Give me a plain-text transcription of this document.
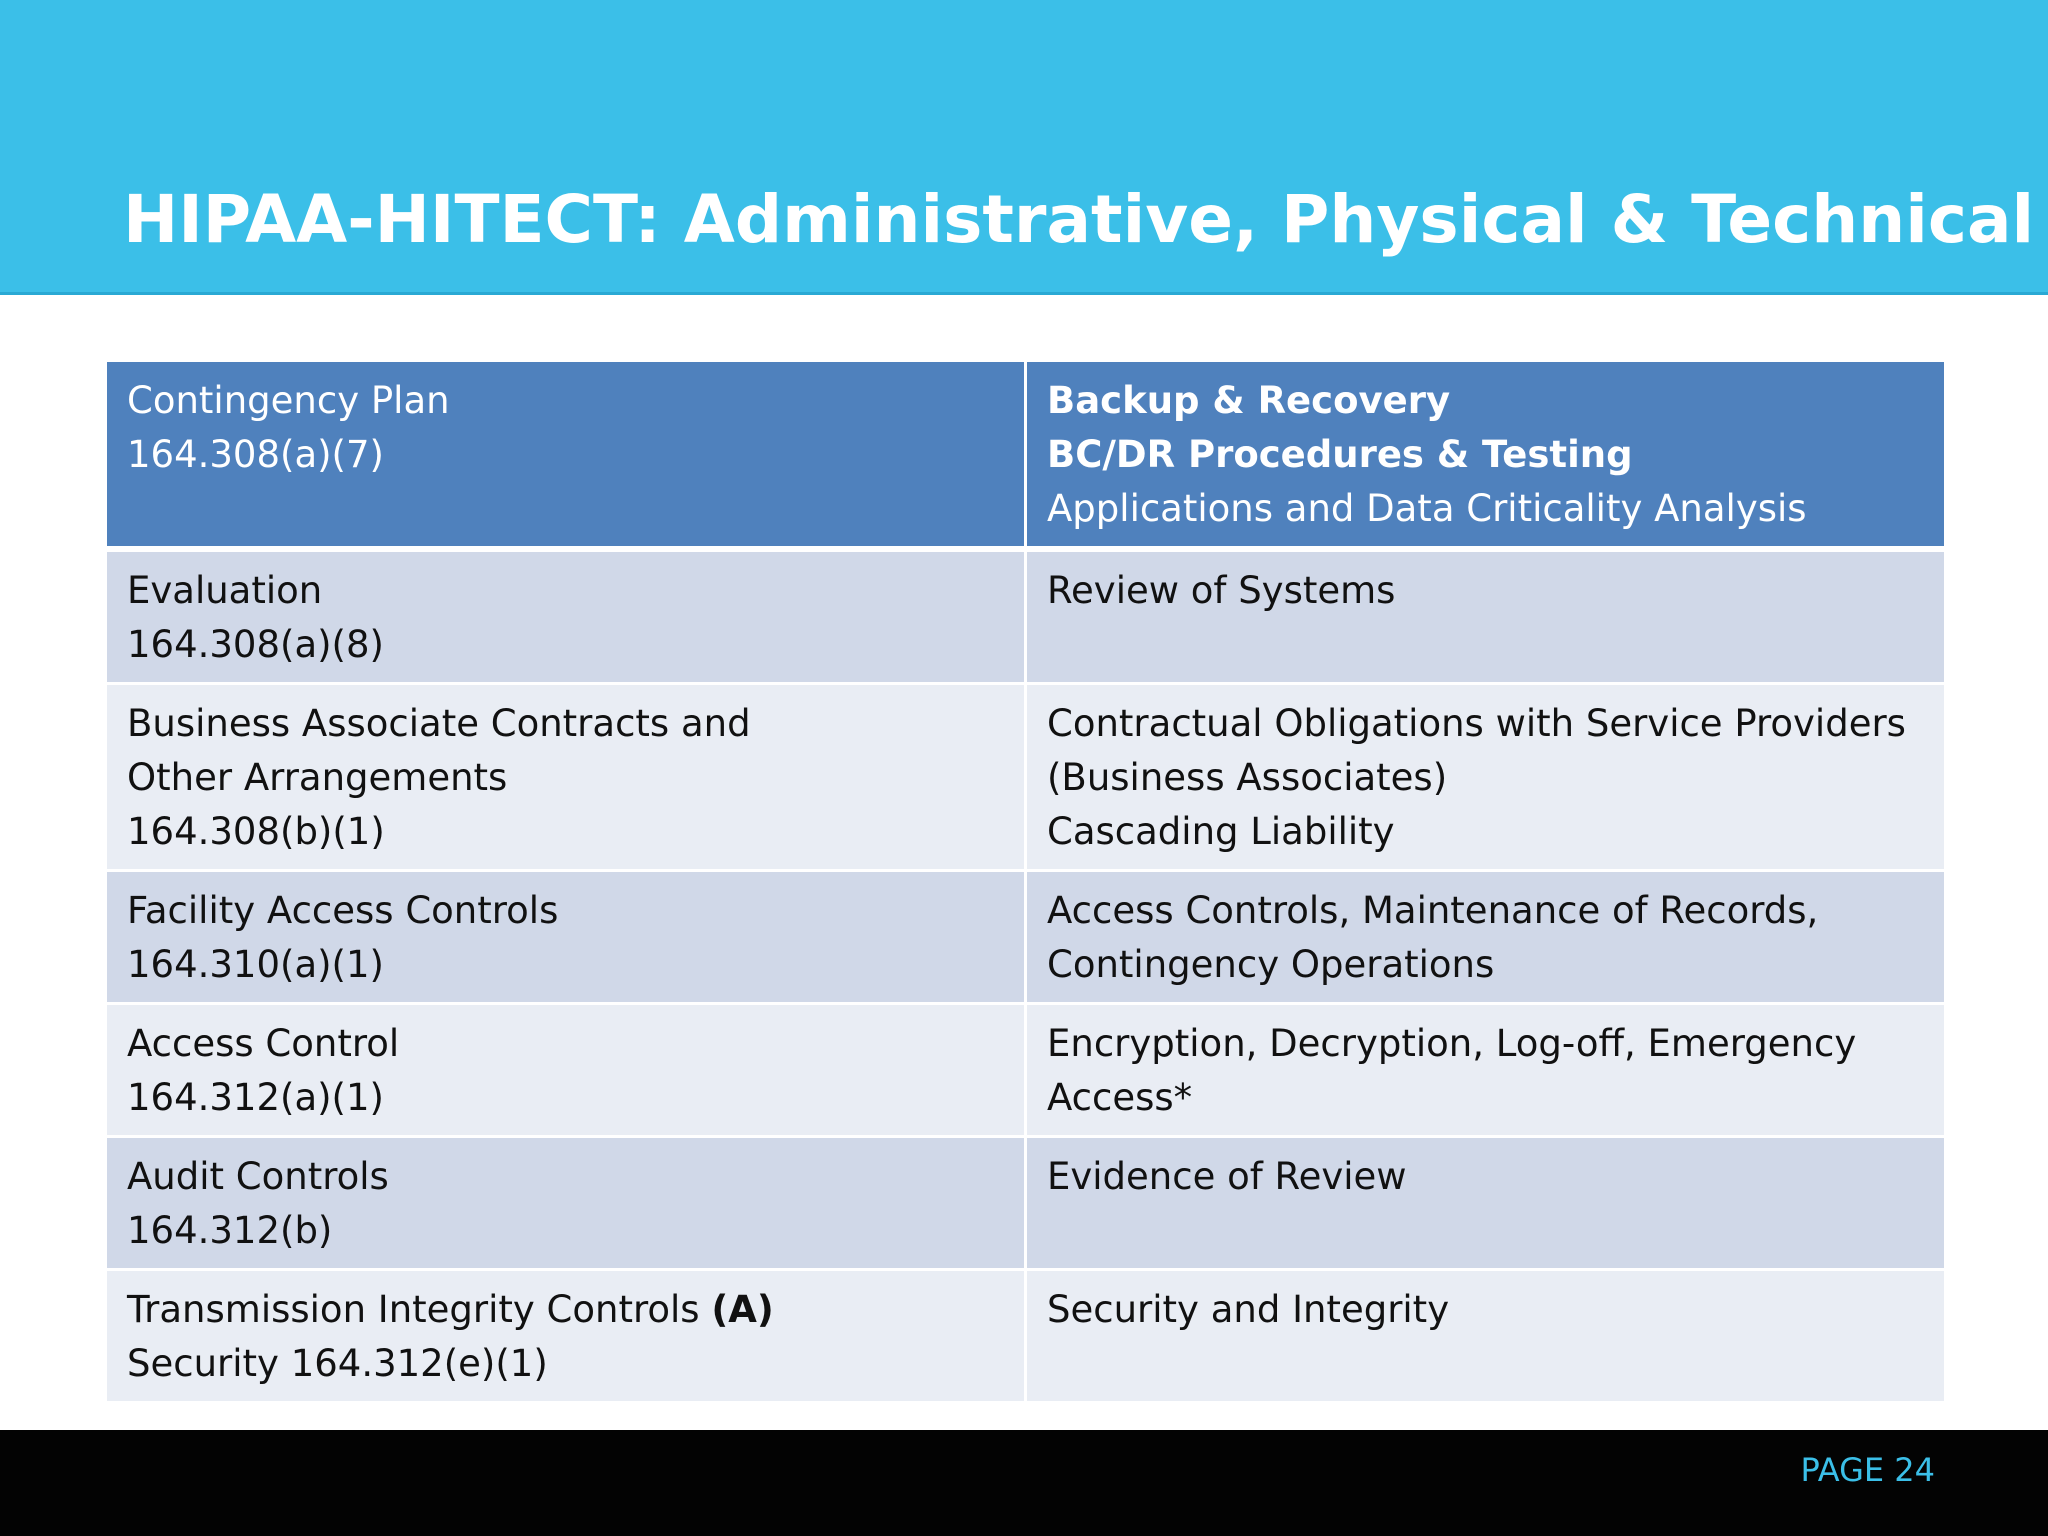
HIPAA-HITECT: Administrative, Physical & Technical
Contingency Plan
164.308(a)(7)	Backup & Recovery
BC/DR Procedures & Testing
Applications and Data Criticality Analysis

Evaluation
164.308(a)(8)	Review of Systems

Business Associate Contracts and
Other Arrangements
164.308(b)(1)	Contractual Obligations with Service Providers
(Business Associates)
Cascading Liability

Facility Access Controls
164.310(a)(1)	Access Controls, Maintenance of Records,
Contingency Operations

Access Control
164.312(a)(1)	Encryption, Decryption, Log-off, Emergency
Access*

Audit Controls
164.312(b)	Evidence of Review

Transmission Integrity Controls (A)
Security 164.312(e)(1)	Security and Integrity
PAGE 24
